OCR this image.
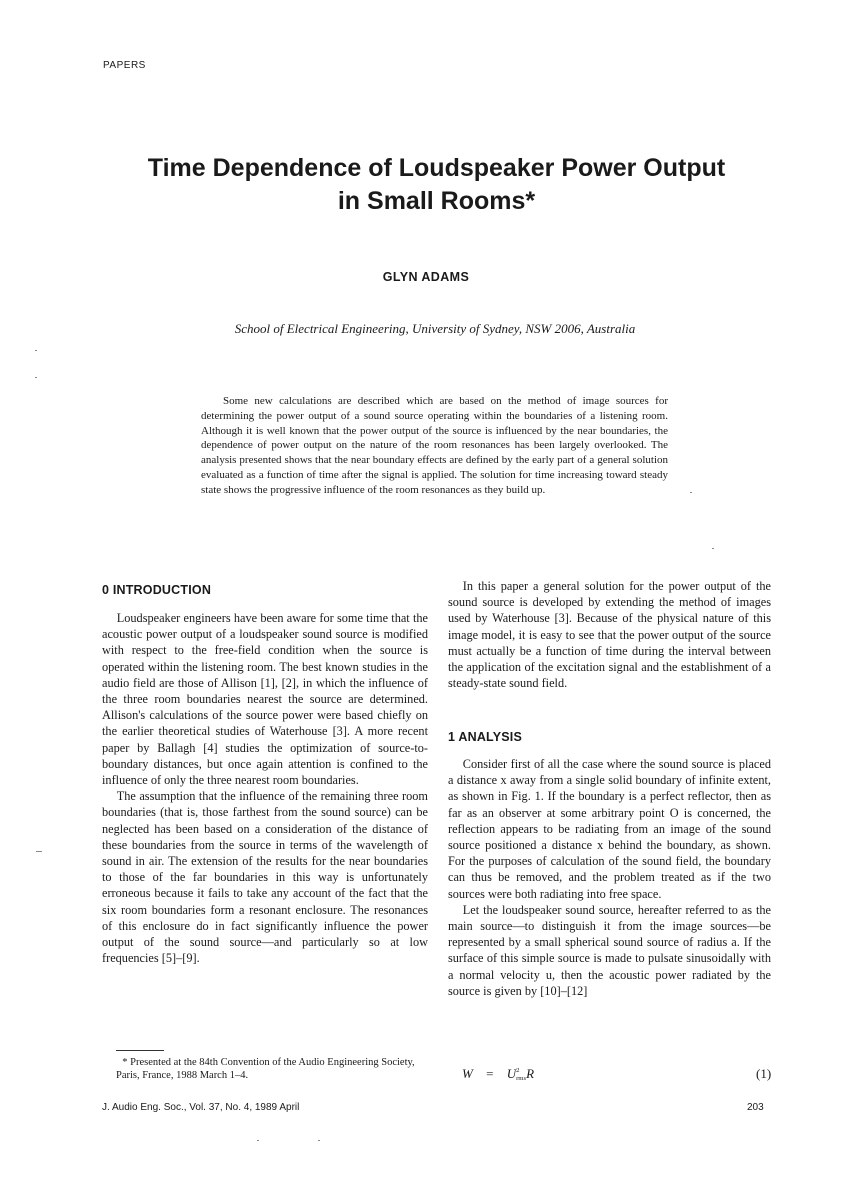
PAPERS
Time Dependence of Loudspeaker Power Output
in Small Rooms*
GLYN ADAMS
School of Electrical Engineering, University of Sydney, NSW 2006, Australia
Some new calculations are described which are based on the method of image sources for determining the power output of a sound source operating within the boundaries of a listening room. Although it is well known that the power output of the source is influenced by the near boundaries, the dependence of power output on the nature of the room resonances has been largely overlooked. The analysis presented shows that the near boundary effects are defined by the early part of a general solution evaluated as a function of time after the signal is applied. The solution for time increasing toward steady state shows the progressive influence of the room resonances as they build up.
0 INTRODUCTION

Loudspeaker engineers have been aware for some time that the acoustic power output of a loudspeaker sound source is modified with respect to the free-field condition when the source is operated within the listening room. The best known studies in the audio field are those of Allison [1], [2], in which the influence of the three room boundaries nearest the source are determined. Allison's calculations of the source power were based chiefly on the earlier theoretical studies of Waterhouse [3]. A more recent paper by Ballagh [4] studies the optimization of source-to-boundary distances, but once again attention is confined to the influence of only the three nearest room boundaries.

The assumption that the influence of the remaining three room boundaries (that is, those farthest from the sound source) can be neglected has been based on a consideration of the distance of these boundaries from the source in terms of the wavelength of sound in air. The extension of the results for the near boundaries to those of the far boundaries in this way is unfortunately erroneous because it fails to take any account of the fact that the six room boundaries form a resonant enclosure. The resonances of this enclosure do in fact significantly influence the power output of the sound source—and particularly so at low frequencies [5]–[9].

In this paper a general solution for the power output of the sound source is developed by extending the method of images used by Waterhouse [3]. Because of the physical nature of this image model, it is easy to see that the power output of the source must actually be a function of time during the interval between the application of the excitation signal and the establishment of a steady-state sound field.

1 ANALYSIS

Consider first of all the case where the sound source is placed a distance x away from a single solid boundary of infinite extent, as shown in Fig. 1. If the boundary is a perfect reflector, then as far as an observer at some arbitrary point O is concerned, the reflection appears to be radiating from an image of the sound source positioned a distance x behind the boundary, as shown. For the purposes of calculation of the sound field, the boundary can thus be removed, and the problem treated as if the two sources were both radiating into free space.

Let the loudspeaker sound source, hereafter referred to as the main source—to distinguish it from the image sources—be represented by a small spherical sound source of radius a. If the surface of this simple source is made to pulsate sinusoidally with a normal velocity u, then the acoustic power radiated by the source is given by [10]–[12]

* Presented at the 84th Convention of the Audio Engineering Society, Paris, France, 1988 March 1–4.	W = U 2
rms R	(1)
J. Audio Eng. Soc., Vol. 37, No. 4, 1989 April	203
